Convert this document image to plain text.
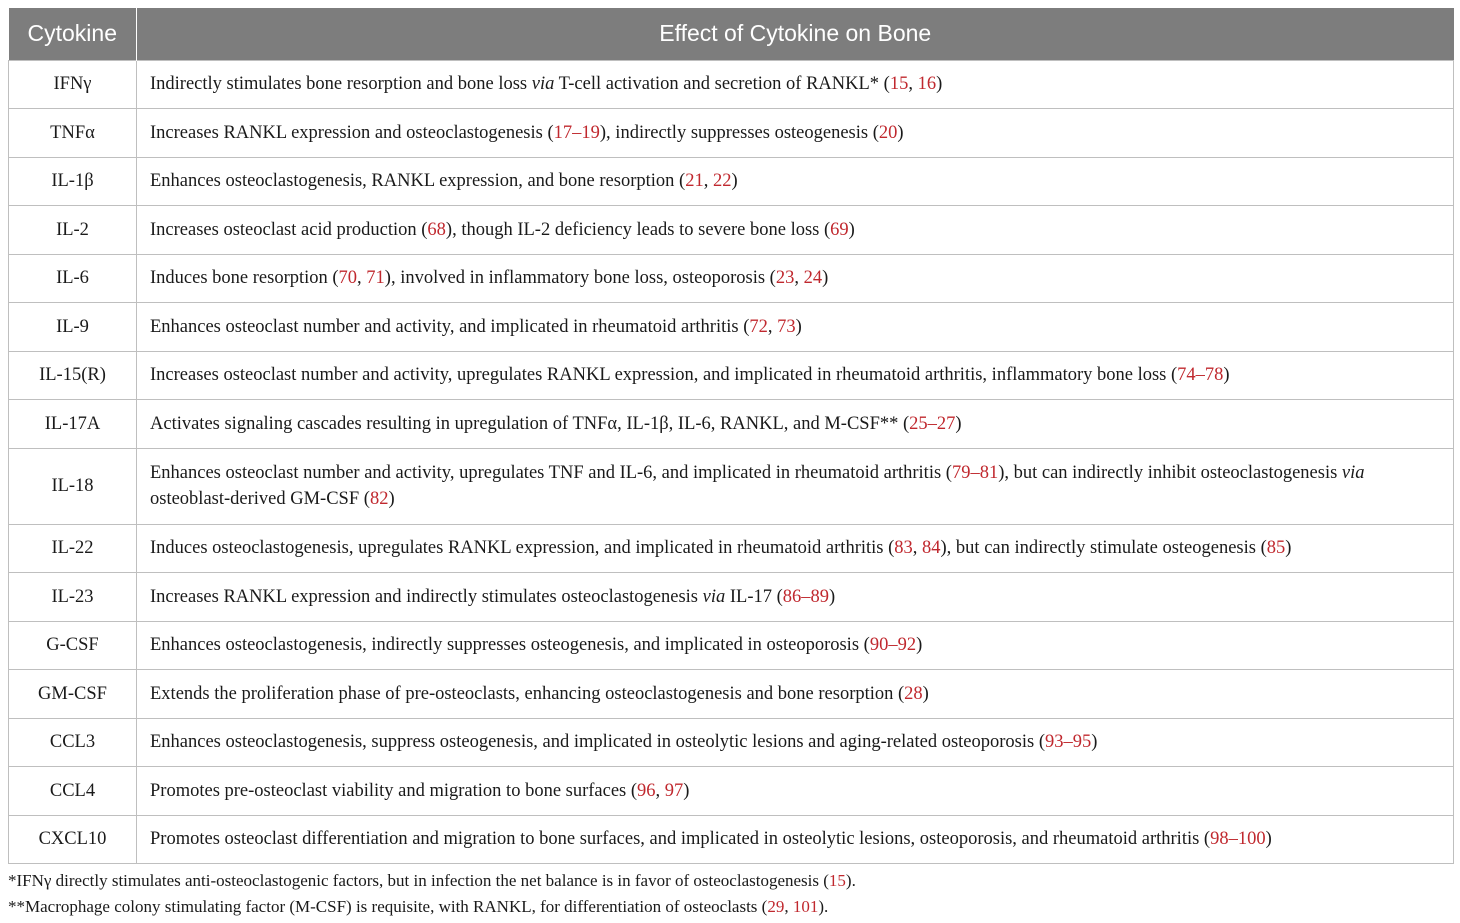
Cytokine	Effect of Cytokine on Bone
IFNγ	Indirectly stimulates bone resorption and bone loss via T-cell activation and secretion of RANKL* (15, 16)
TNFα	Increases RANKL expression and osteoclastogenesis (17–19), indirectly suppresses osteogenesis (20)
IL-1β	Enhances osteoclastogenesis, RANKL expression, and bone resorption (21, 22)
IL-2	Increases osteoclast acid production (68), though IL-2 deficiency leads to severe bone loss (69)
IL-6	Induces bone resorption (70, 71), involved in inflammatory bone loss, osteoporosis (23, 24)
IL-9	Enhances osteoclast number and activity, and implicated in rheumatoid arthritis (72, 73)
IL-15(R)	Increases osteoclast number and activity, upregulates RANKL expression, and implicated in rheumatoid arthritis, inflammatory bone loss (74–78)
IL-17A	Activates signaling cascades resulting in upregulation of TNFα, IL-1β, IL-6, RANKL, and M-CSF** (25–27)
IL-18	Enhances osteoclast number and activity, upregulates TNF and IL-6, and implicated in rheumatoid arthritis (79–81), but can indirectly inhibit osteoclastogenesis via osteoblast-derived GM-CSF (82)
IL-22	Induces osteoclastogenesis, upregulates RANKL expression, and implicated in rheumatoid arthritis (83, 84), but can indirectly stimulate osteogenesis (85)
IL-23	Increases RANKL expression and indirectly stimulates osteoclastogenesis via IL-17 (86–89)
G-CSF	Enhances osteoclastogenesis, indirectly suppresses osteogenesis, and implicated in osteoporosis (90–92)
GM-CSF	Extends the proliferation phase of pre-osteoclasts, enhancing osteoclastogenesis and bone resorption (28)
CCL3	Enhances osteoclastogenesis, suppress osteogenesis, and implicated in osteolytic lesions and aging-related osteoporosis (93–95)
CCL4	Promotes pre-osteoclast viability and migration to bone surfaces (96, 97)
CXCL10	Promotes osteoclast differentiation and migration to bone surfaces, and implicated in osteolytic lesions, osteoporosis, and rheumatoid arthritis (98–100)
*IFNγ directly stimulates anti-osteoclastogenic factors, but in infection the net balance is in favor of osteoclastogenesis (15).
**Macrophage colony stimulating factor (M-CSF) is requisite, with RANKL, for differentiation of osteoclasts (29, 101).
